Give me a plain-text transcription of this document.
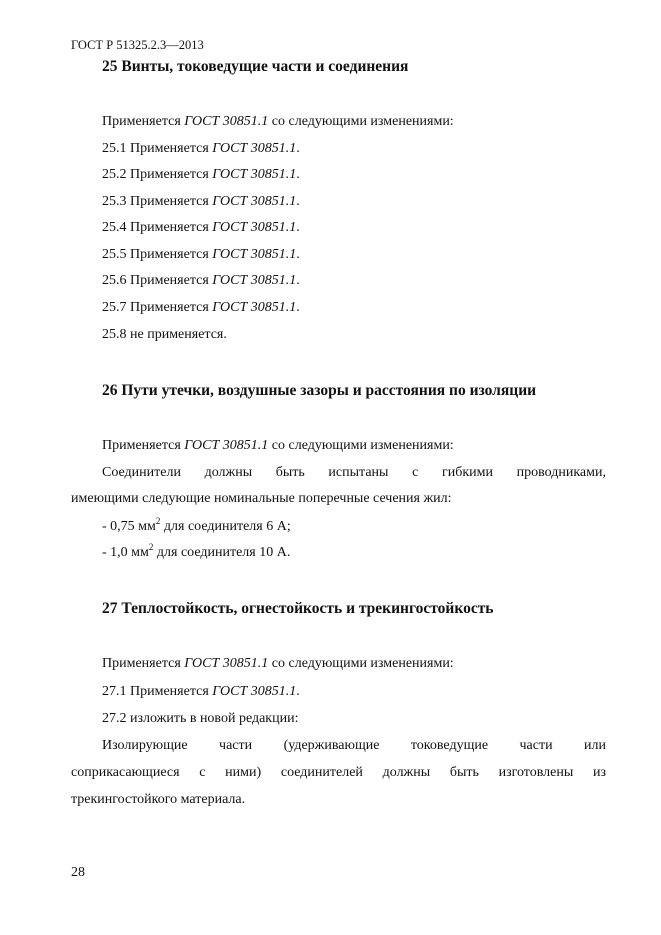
ГОСТ Р 51325.2.3—2013
25 Винты, токоведущие части и соединения
Применяется ГОСТ 30851.1 со следующими изменениями:
25.1 Применяется ГОСТ 30851.1.
25.2 Применяется ГОСТ 30851.1.
25.3 Применяется ГОСТ 30851.1.
25.4 Применяется ГОСТ 30851.1.
25.5 Применяется ГОСТ 30851.1.
25.6 Применяется ГОСТ 30851.1.
25.7 Применяется ГОСТ 30851.1.
25.8 не применяется.
26 Пути утечки, воздушные зазоры и расстояния по изоляции
Применяется ГОСТ 30851.1 со следующими изменениями:
Соединители должны быть испытаны с гибкими проводниками,
имеющими следующие номинальные поперечные сечения жил:
- 0,75 $мм^2$ для соединителя 6 А;
- 1,0 $мм^2$ для соединителя 10 А.
27 Теплостойкость, огнестойкость и трекингостойкость
Применяется ГОСТ 30851.1 со следующими изменениями:
27.1 Применяется ГОСТ 30851.1.
27.2 изложить в новой редакции:
Изолирующие части (удерживающие токоведущие части или
соприкасающиеся с ними) соединителей должны быть изготовлены из
трекингостойкого материала.
28
